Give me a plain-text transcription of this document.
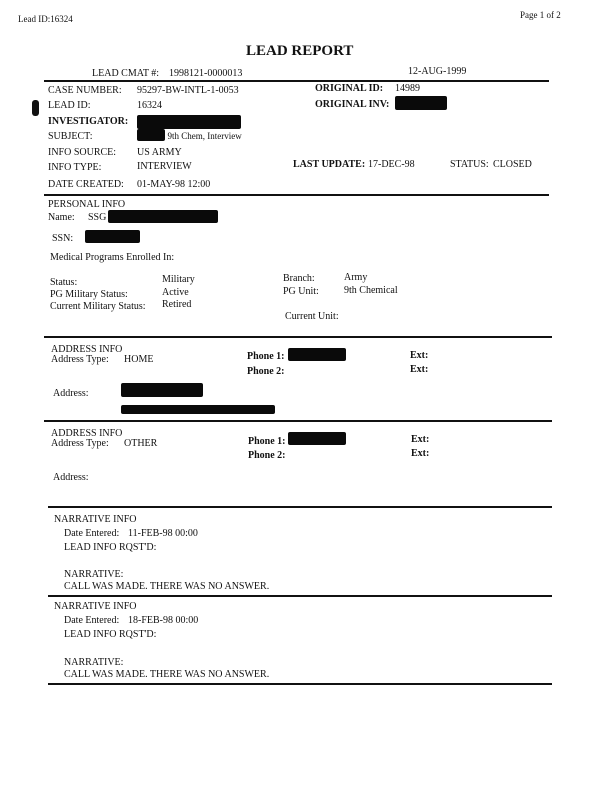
Lead ID:16324	Page 1 of 2
LEAD REPORT
LEAD CMAT #: 1998121-0000013	12-AUG-1999
CASE NUMBER: 95297-BW-INTL-1-0053	ORIGINAL ID: 14989
LEAD ID:	16324	ORIGINAL INV:
INVESTIGATOR:
SUBJECT:	, 9th Chem, Interview
INFO SOURCE: US ARMY
INFO TYPE:	INTERVIEW	LAST UPDATE: 17-DEC-98	STATUS: CLOSED
DATE CREATED: 01-MAY-98 12:00
PERSONAL INFO
Name: SSG
SSN:
Medical Programs Enrolled In:
Status:	Military	Branch:	Army
PG Military Status:	Active	PG Unit:	9th Chemical
Current Military Status: Retired
Current Unit:
ADDRESS INFO
Address Type: HOME	Phone 1:	Ext:
Phone 2:	Ext:
Address:
ADDRESS INFO
Address Type: OTHER	Phone 1:	Ext:
Phone 2:	Ext:
Address:
NARRATIVE INFO
Date Entered: 11-FEB-98 00:00
LEAD INFO RQST'D:
NARRATIVE:
CALL WAS MADE. THERE WAS NO ANSWER.
NARRATIVE INFO
Date Entered: 18-FEB-98 00:00
LEAD INFO RQST'D:
NARRATIVE:
CALL WAS MADE. THERE WAS NO ANSWER.
